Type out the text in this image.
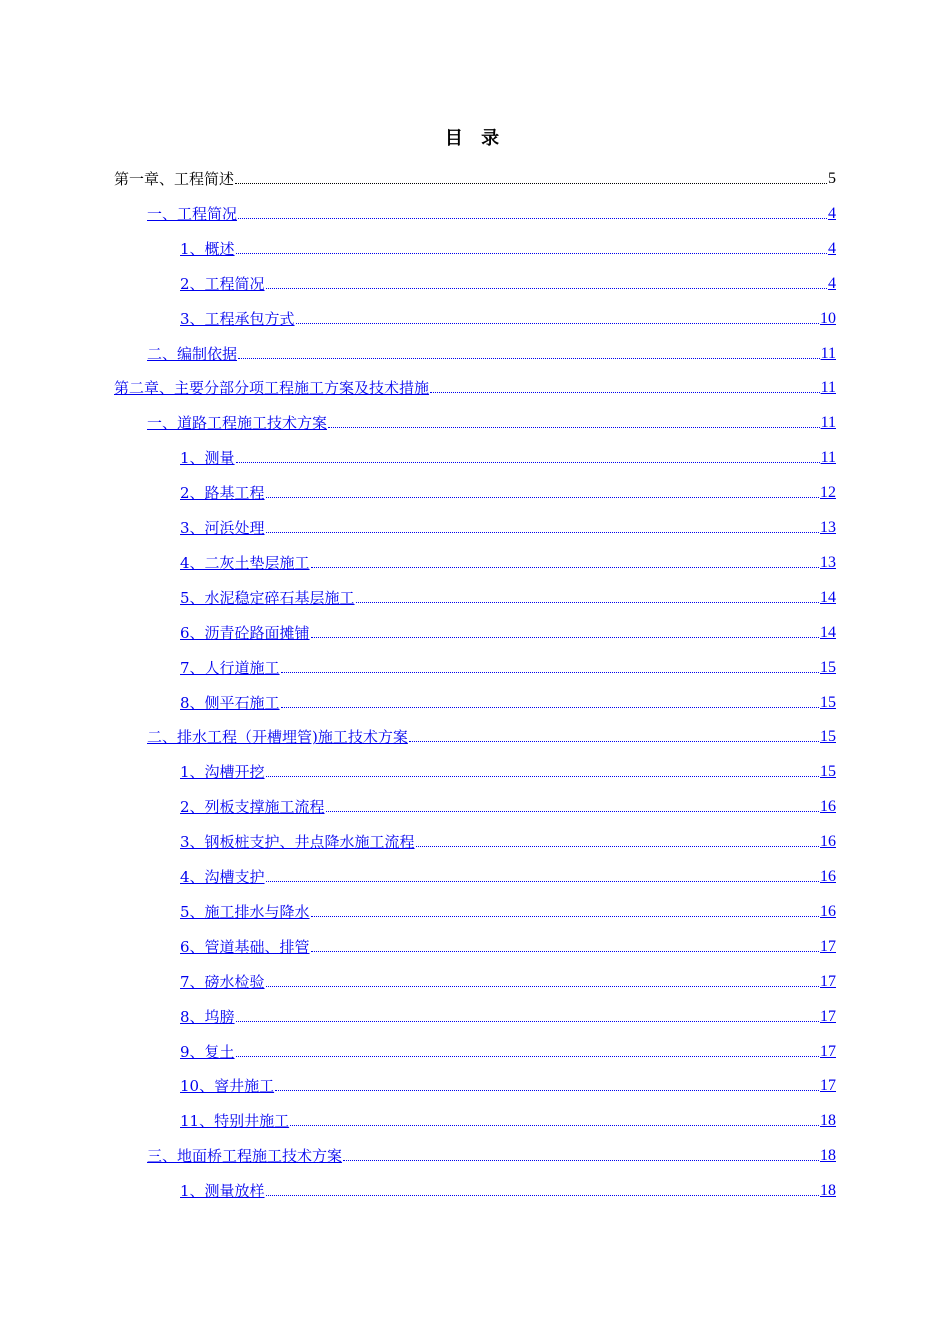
目 录
第一章、工程简述	5
一、工程简况	4
1、概述	4
2、工程简况	4
3、工程承包方式	10
二、编制依据	11
第二章、主要分部分项工程施工方案及技术措施	11
一、道路工程施工技术方案	11
1、测量	11
2、路基工程	12
3、河浜处理	13
4、二灰土垫层施工	13
5、水泥稳定碎石基层施工	14
6、沥青砼路面摊铺	14
7、人行道施工	15
8、侧平石施工	15
二、排水工程（开槽埋管)施工技术方案	15
1、沟槽开挖	15
2、列板支撑施工流程	16
3、钢板桩支护、井点降水施工流程	16
4、沟槽支护	16
5、施工排水与降水	16
6、管道基础、排管	17
7、磅水检验	17
8、坞膀	17
9、复土	17
10、窨井施工	17
11、特别井施工	18
三、地面桥工程施工技术方案	18
1、测量放样	18
